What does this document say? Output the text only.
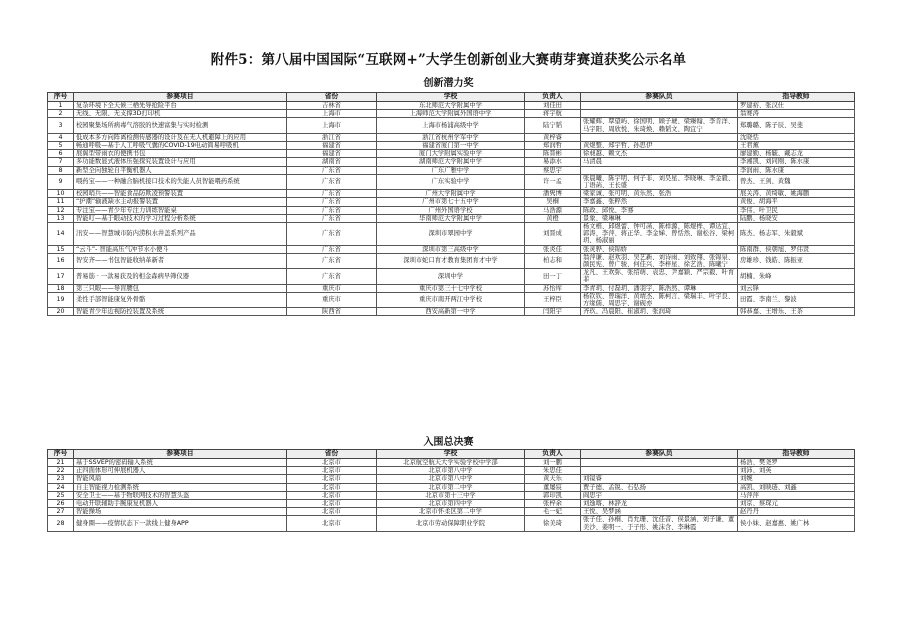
附件5：第八届中国国际“互联网+”大学生创新创业大赛萌芽赛道获奖公示名单
创新潜力奖
序号	参赛项目	省份	学校	负责人	参赛队员	指导教师
1	复杂环境下全天候三栖先导抢险平台	吉林省	东北师范大学附属中学	刘佳田		罗建裕、张汉仕
2	无线、无限、无支撑3D打印机	上海市	上海师范大学附属外国语中学	蒋宇航		翁赛涛
3	校园聚集场所病毒气溶胶的快速富集与实时检测	上海市	上海市杨浦高级中学	陆宁韬	张耀辉、覃望屿、徐国明、顾子琥、梁臻翰、李肯洋、马宇阳、周欣悦、朱琦焕、赖韬文、陶宜宁	郑璐璐、陈子辰、吴斐
4	低成本多方向阵离检测传感器的设计及在无人机避障上的应用	浙江省	浙江省杭州学军中学	黄梓睿		沈晓恬
5	畅通呼吸—基于人工呼吸气囊的COVID-19电动简易呼吸机	福建省	福建省厦门第一中学	郑润哲	黄煜整、郑宇哲、孙思伊	王君薰
6	展翼型带雨衣的便携书包	福建省	厦门大学附属实验中学	陈晋彬	徐昶越、赖文杰	廖建勤、杨毓、戴志龙
7	多功能数显式液体压强探究装置设计与应用	湖南省	湖南师范大学附属中学	易添水	马清晨	李湘凯、刘同刚、陈水康
8	新型全向独轮自平衡机器人	广东省	广东广雅中学	蔡思宇		李润雨、陈水康
9	喂药宝——一种融合脑机接口技术的失能人员智能喂药系统	广东省	广东实验中学	许一孟	张晨曦、陈宇明、何子非、刘昊星、李晓琳、李金毅、丁语菡、王长盛	曾杰、王剑、黄魏
10	校园哨兵——智能食品防欺凌预警装置	广东省	广州大学附属中学	潘隽博	梁家诚、张可明、黄乐然、张浩	展关涛、黄绮敏、姚海鹏
11	“护潮”输液缺水主动报警装置	广东省	广州市第七十五中学	吴桐	李嘉鑫、张粹然	黄俊、胡海平
12	专注宝——青少年专注力训练智能桌	广东省	广州外国语学校	马浩源	陈政、邱悦、李骞	李伟、叶卫民
13	智能叮—基于眼动技术的学习过程分析系统	广东省	华南师范大学附属中学	黄橙	景象、梁琳琳	陆鹏、杨晓安
14	汛安——智慧城市防内涝积水井盖系列产品	广东省	深圳市翠园中学	刘晋成	杨文楷、邱煜蕾、钟可菡、陈样源、陈煜桦、谭达宜、郭涛、李萍、蒋正华、李金娣、曾恬然、谢松谷、梁柯玥、杨淑丽	陈杰、杨志军、朱毅斌
15	“云斗”- 智能高压气冲节水小便斗	广东省	深圳市第三高级中学	张炎佳	张灵骅、侯锦娇	陈南群、侯朝旭、罗伟贤
16	智安齐——书包智能收纳革新者	广东省	深圳市蛇口育才教育集团育才中学	柏志和	翁萍谦、赵欢羽、吴艺新、刘诗雨、刘致翔、张锦泉、颜民宪、曾广骏、何佳兴、李梓星、徐艺浩、陈曦宁	房雄珍、钱皓、陈振亚
17	普易筋 · 一款易获及的相金森病早筛仪器	广东省	深圳中学	田一丁	龙凡、王欢弥、张绍萌、袁忠、尹嘉颖、严宗毅、叶育菲	胡楠、朱峰
18	第三只眼——导盲腰包	重庆市	重庆市第三十七中学校	苏怡库	李青玥、付磊玥、潘羽宇、陈浩然、谭琳	刘云锋
19	柔性手部智能康复外骨骼	重庆市	重庆市南开两江中学校	王梓臣	杨钦钦、曾瑞洋、黄靖杰、陈柯言、梁瑞丰、叶宇良、方缘儒、周思宇、谢砚亦	田霞、李南兰、黎波
20	智能青少年近视防控装置及系统	陕西省	西安高新第一中学	闫阳宇	齐玖、冯晨阳、崔淑玥、张润琦	韩恭嘉、王增乐、王茶
入围总决赛
序号	参赛项目	省份	学校	负责人	参赛队员	指导教师
21	基于SSVEP的密码输入系统	北京市	北京航空航天大学实验学校中学部	刘一鹏		杨浩、樊尧罗
22	正四面体形可伸展机器人	北京市	北京市第八中学	朱思佳		刘沛、刘英
23	智能风扇	北京市	北京市第八中学	黄天乐	刘镜睿	刘婉
24	自主智能视力检测系统	北京市	北京市第二中学	董屡宸	贾子德、孟锐、石弘扬	高凯、刘映琏、刘鑫
25	安全卫士——基于物联网技术的智慧头盔	北京市	北京市第十三中学	郭印凯	阎思宇	马萍萍
26	电动开联辅助手腕康复机器人	北京市	北京市第四中学	张梓余	刘逸喀、林辞龙	刘京、蔡琛元
27	智能操场	北京市	北京市怀柔区第二中学	毛一妃	王悦、吴梦涵	赵丹丹
28	健身圈——疫情状态下一款线上健身APP	北京市	北京市劳动保障职业学院	徐美琦	张子佳、孙桐、肖允珊、沈佳音、侯景涵、刘子谦、董美沙、姜明一、于子彤、姚沫含、李琳霞	侯小妹、赵嘉惠、姚广林
